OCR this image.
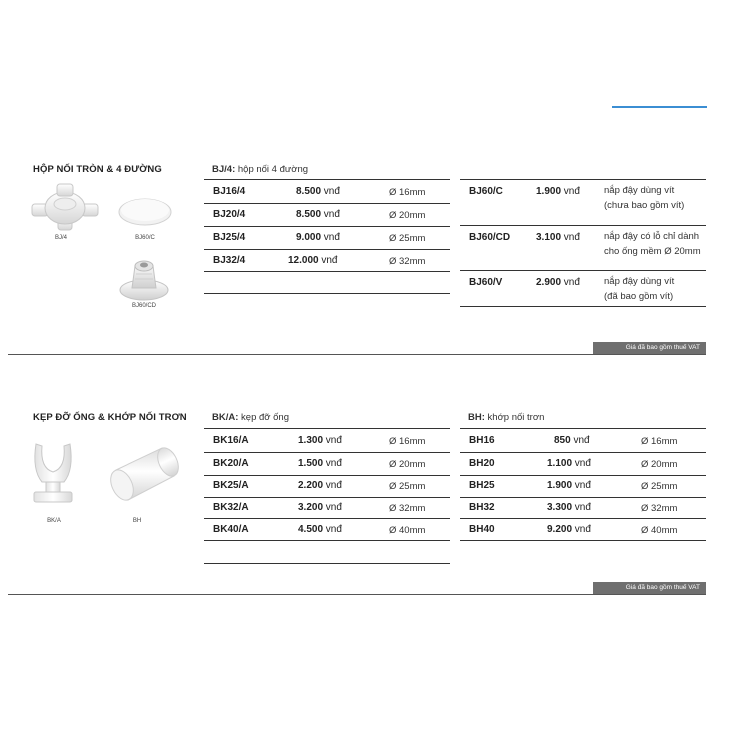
HỘP NỐI TRÒN & 4 ĐƯỜNG
BJ/4	BJ60/C
BJ60/CD
BJ/4: hộp nối 4 đường
BJ16/4	8.500 vnđ	Ø 16mm
BJ20/4	8.500 vnđ	Ø 20mm
BJ25/4	9.000 vnđ	Ø 25mm
BJ32/4	12.000 vnđ	Ø 32mm
BJ60/C	1.900 vnđ	nắp đậy dùng vít
(chưa bao gồm vít)
BJ60/CD	3.100 vnđ	nắp đậy có lỗ chỉ dành
cho ống mềm Ø 20mm
BJ60/V	2.900 vnđ	nắp đậy dùng vít
(đã bao gồm vít)
Giá đã bao gồm thuế VAT
KẸP ĐỠ ỐNG & KHỚP NỐI TRƠN
BK/A	BH
BK/A: kẹp đỡ ống	BH: khớp nối trơn
BK16/A	1.300 vnđ	Ø 16mm
BK20/A	1.500 vnđ	Ø 20mm
BK25/A	2.200 vnđ	Ø 25mm
BK32/A	3.200 vnđ	Ø 32mm
BK40/A	4.500 vnđ	Ø 40mm
BH16	850 vnđ	Ø 16mm
BH20	1.100 vnđ	Ø 20mm
BH25	1.900 vnđ	Ø 25mm
BH32	3.300 vnđ	Ø 32mm
BH40	9.200 vnđ	Ø 40mm
Giá đã bao gồm thuế VAT
